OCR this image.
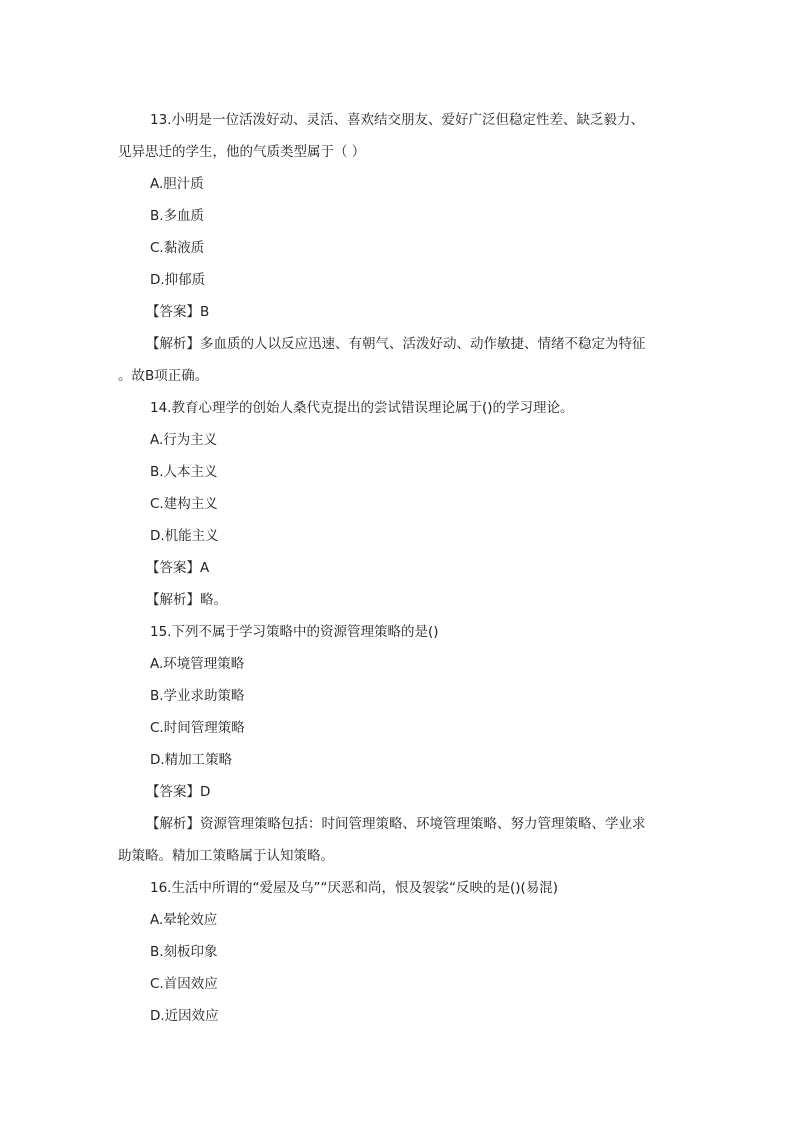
13.小明是一位活泼好动、灵活、喜欢结交朋友、爱好广泛但稳定性差、缺乏毅力、
见异思迁的学生，他的气质类型属于（ ）
A.胆汁质
B.多血质
C.黏液质
D.抑郁质
【答案】B
【解析】多血质的人以反应迅速、有朝气、活泼好动、动作敏捷、情绪不稳定为特征
。故B项正确。
14.教育心理学的创始人桑代克提出的尝试错误理论属于()的学习理论。
A.行为主义
B.人本主义
C.建构主义
D.机能主义
【答案】A
【解析】略。
15.下列不属于学习策略中的资源管理策略的是()
A.环境管理策略
B.学业求助策略
C.时间管理策略
D.精加工策略
【答案】D
【解析】资源管理策略包括：时间管理策略、环境管理策略、努力管理策略、学业求
助策略。精加工策略属于认知策略。
16.生活中所谓的“爱屋及乌”“厌恶和尚，恨及袈裟“反映的是()(易混)
A.晕轮效应
B.刻板印象
C.首因效应
D.近因效应
